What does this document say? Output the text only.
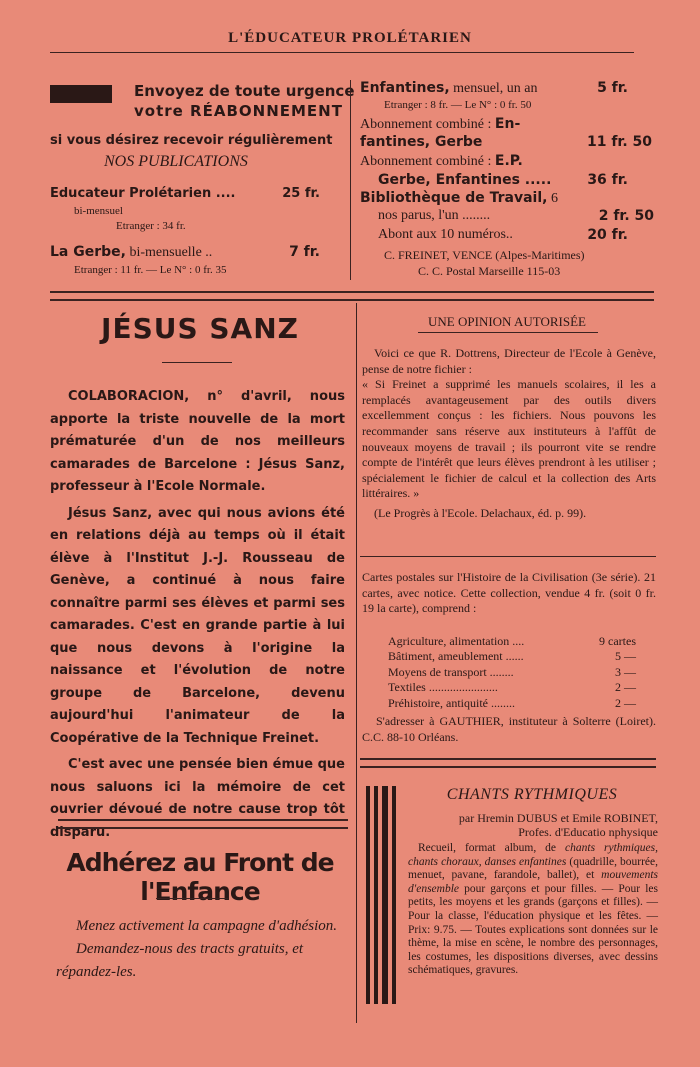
L'ÉDUCATEUR PROLÉTARIEN
Envoyez de toute urgence
votre RÉABONNEMENT
si vous désirez recevoir régulièrement
NOS PUBLICATIONS
Educateur Prolétarien ....	25 fr.
bi-mensuel
Etranger : 34 fr.
La Gerbe, bi-mensuelle ..	7 fr.
Etranger : 11 fr. — Le N° : 0 fr. 35
Enfantines, mensuel, un an	5 fr.
Etranger : 8 fr. — Le N° : 0 fr. 50
Abonnement combiné : En-
fantines, Gerbe	11 fr. 50
Abonnement combiné : E.P.
Gerbe, Enfantines .....	36 fr.
Bibliothèque de Travail, 6
nos parus, l'un ........	2 fr. 50
Abont aux 10 numéros..	20 fr.
C. FREINET, VENCE (Alpes-Maritimes)
C. C. Postal Marseille 115-03
JÉSUS SANZ

COLABORACION, n° d'avril, nous apporte la triste nouvelle de la mort prématurée d'un de nos meilleurs camarades de Barcelone : Jésus Sanz, professeur à l'Ecole Normale.

Jésus Sanz, avec qui nous avions été en relations déjà au temps où il était élève à l'Institut J.-J. Rousseau de Genève, a continué à nous faire connaître parmi ses élèves et parmi ses camarades. C'est en grande partie à lui que nous devons à l'origine la naissance et l'évolution de notre groupe de Barcelone, devenu aujourd'hui l'animateur de la Coopérative de la Technique Freinet.

C'est avec une pensée bien émue que nous saluons ici la mémoire de cet ouvrier dévoué de notre cause trop tôt disparu.

Adhérez au Front de l'Enfance

Menez activement la campagne d'adhésion.

Demandez-nous des tracts gratuits, et répandez-les.

UNE OPINION AUTORISÉE

Voici ce que R. Dottrens, Directeur de l'Ecole à Genève, pense de notre fichier :

« Si Freinet a supprimé les manuels scolaires, il les a remplacés avantageusement par des outils divers excellemment conçus : les fichiers. Nous pouvons les recommander sans réserve aux instituteurs à l'affût de nouveaux moyens de travail ; ils pourront vite se rendre compte de l'intérêt que leurs élèves prendront à les utiliser ; spécialement le fichier de calcul et la collection des Arts littéraires. »

(Le Progrès à l'Ecole. Delachaux, éd. p. 99).

Cartes postales sur l'Histoire de la Civilisation (3e série). 21 cartes, avec notice. Cette collection, vendue 4 fr. (soit 0 fr. 19 la carte), comprend :
Agriculture, alimentation ....	9 cartes
Bâtiment, ameublement ......	5 —
Moyens de transport ........	3 —
Textiles .......................	2 —
Préhistoire, antiquité ........	2 —
S'adresser à GAUTHIER, instituteur à Solterre (Loiret). C.C. 88-10 Orléans.
CHANTS RYTHMIQUES
par Hremin DUBUS et Emile ROBINET,
Profes. d'Educatio nphysique
Recueil, format album, de chants rythmiques, chants choraux, danses enfantines (quadrille, bourrée, menuet, pavane, farandole, ballet), et mouvements d'ensemble pour garçons et pour filles. — Pour les petits, les moyens et les grands (garçons et filles). — Pour la classe, l'éducation physique et les fêtes. — Prix: 9.75. — Toutes explications sont données sur le thème, la mise en scène, le nombre des personnages, les costumes, les dispositions diverses, avec dessins schématiques, gravures.
